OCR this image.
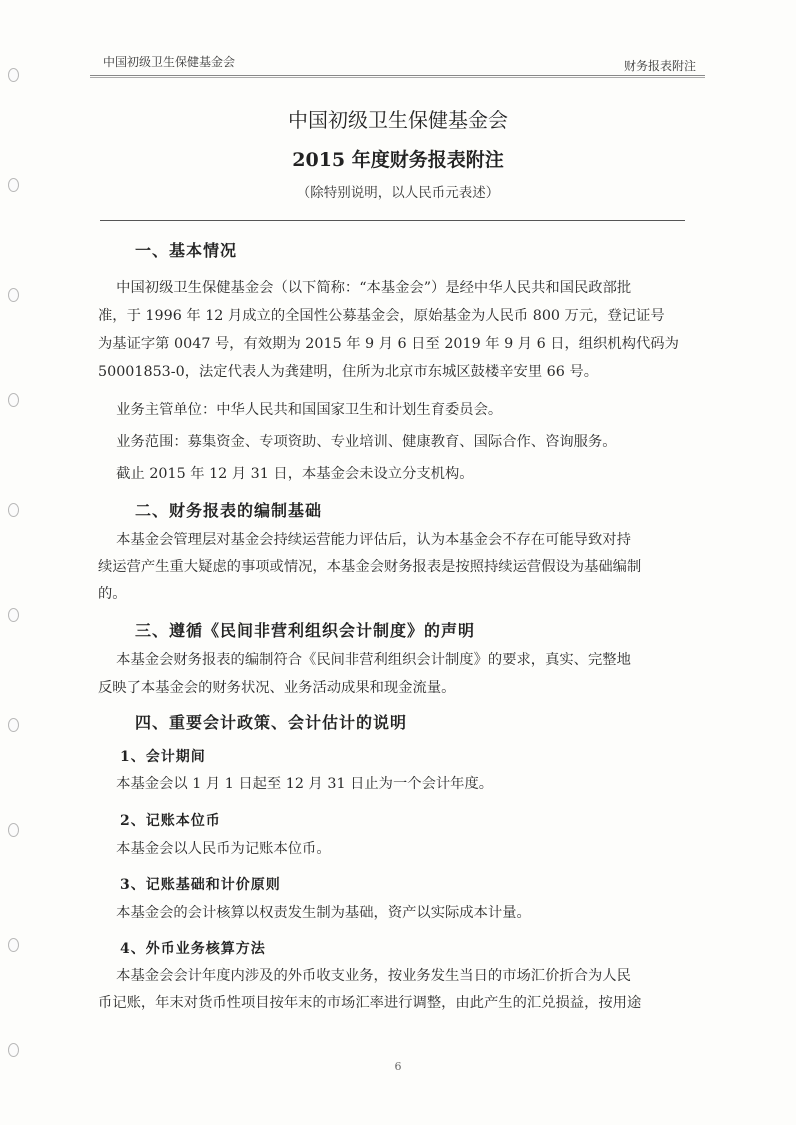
中国初级卫生保健基金会	财务报表附注
中国初级卫生保健基金会
2015 年度财务报表附注
（除特别说明，以人民币元表述）
一、基本情况
中国初级卫生保健基金会（以下简称：“本基金会”）是经中华人民共和国民政部批
准，于 1996 年 12 月成立的全国性公募基金会，原始基金为人民币 800 万元，登记证号
为基证字第 0047 号，有效期为 2015 年 9 月 6 日至 2019 年 9 月 6 日，组织机构代码为
50001853-0，法定代表人为龚建明，住所为北京市东城区鼓楼辛安里 66 号。
业务主管单位：中华人民共和国国家卫生和计划生育委员会。
业务范围：募集资金、专项资助、专业培训、健康教育、国际合作、咨询服务。
截止 2015 年 12 月 31 日，本基金会未设立分支机构。
二、财务报表的编制基础
本基金会管理层对基金会持续运营能力评估后，认为本基金会不存在可能导致对持
续运营产生重大疑虑的事项或情况，本基金会财务报表是按照持续运营假设为基础编制
的。
三、遵循《民间非营利组织会计制度》的声明
本基金会财务报表的编制符合《民间非营利组织会计制度》的要求，真实、完整地
反映了本基金会的财务状况、业务活动成果和现金流量。
四、重要会计政策、会计估计的说明
1、会计期间
本基金会以 1 月 1 日起至 12 月 31 日止为一个会计年度。
2、记账本位币
本基金会以人民币为记账本位币。
3、记账基础和计价原则
本基金会的会计核算以权责发生制为基础，资产以实际成本计量。
4、外币业务核算方法
本基金会会计年度内涉及的外币收支业务，按业务发生当日的市场汇价折合为人民
币记账，年末对货币性项目按年末的市场汇率进行调整，由此产生的汇兑损益，按用途
6
